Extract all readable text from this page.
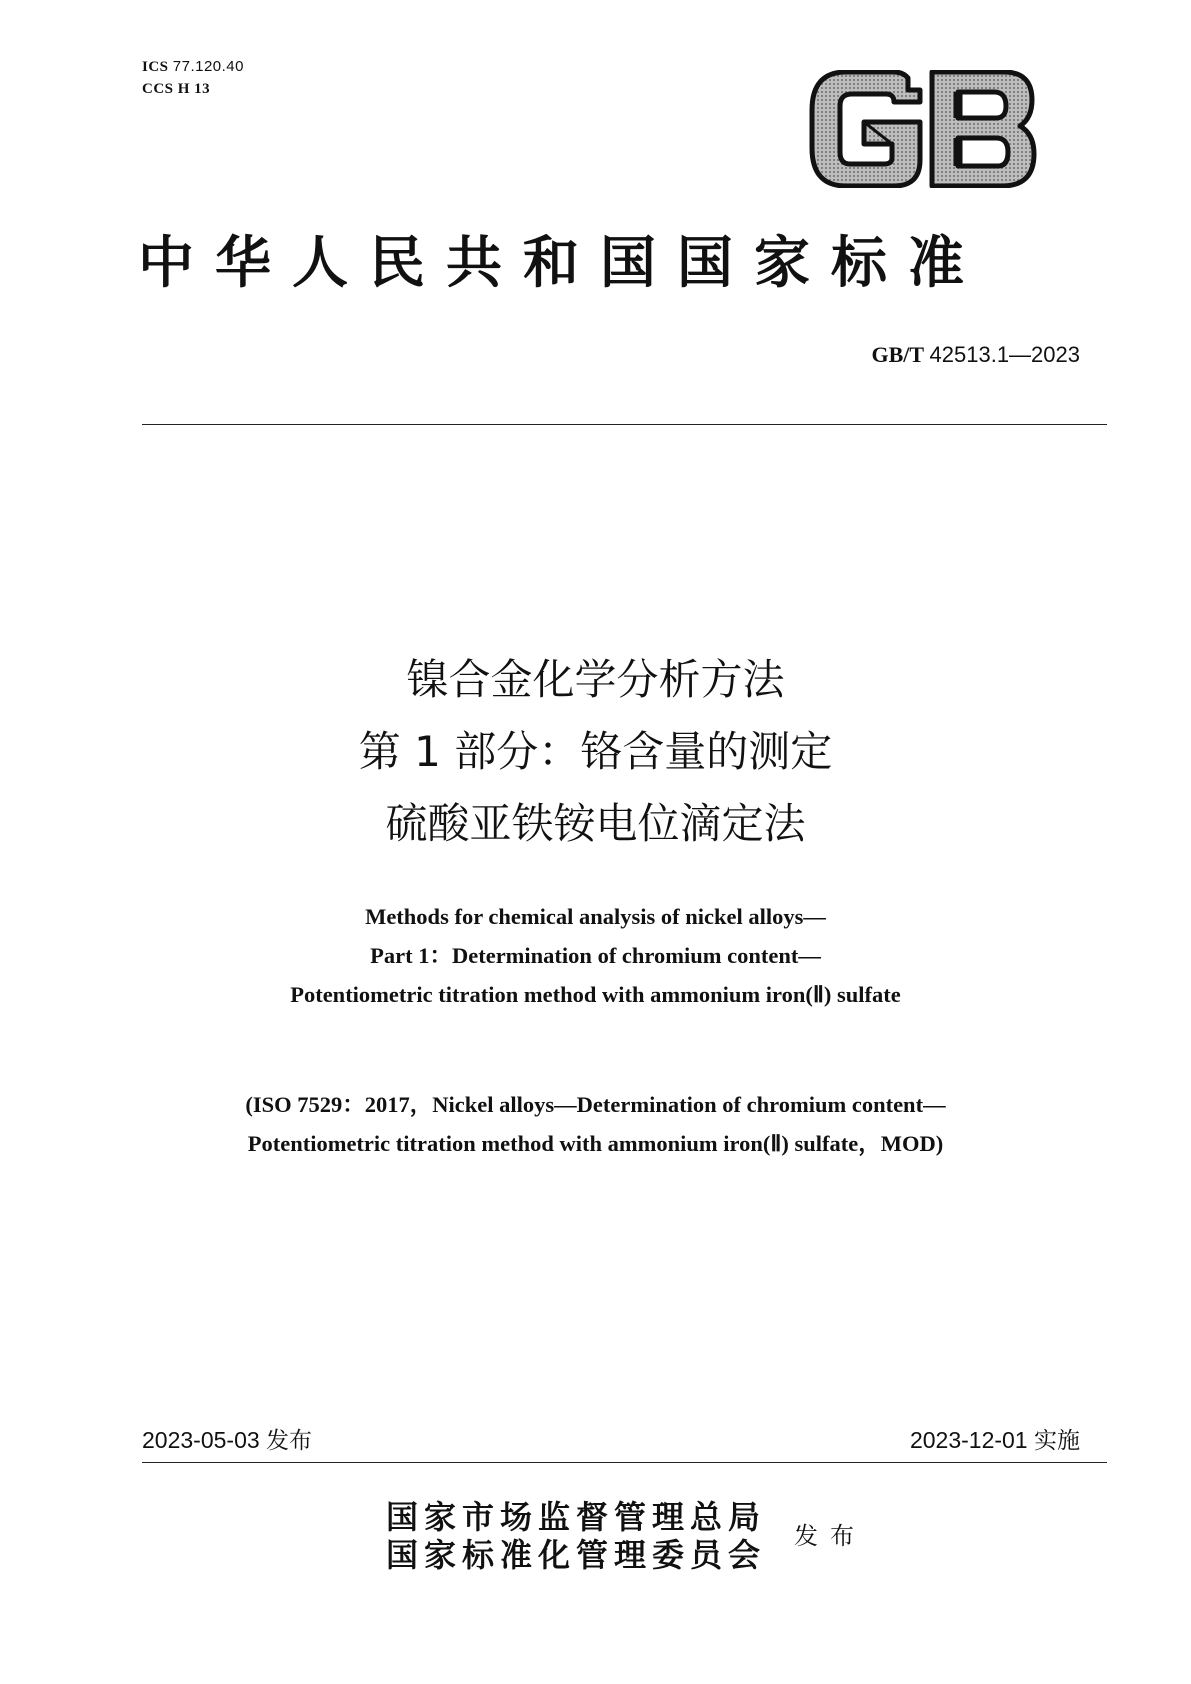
ICS 77.120.40
CCS H 13
中华人民共和国国家标准
GB/T 42513.1—2023
镍合金化学分析方法
第 1 部分：铬含量的测定
硫酸亚铁铵电位滴定法
Methods for chemical analysis of nickel alloys—
Part 1：Determination of chromium content—
Potentiometric titration method with ammonium iron(Ⅱ) sulfate
(ISO 7529：2017，Nickel alloys—Determination of chromium content—
Potentiometric titration method with ammonium iron(Ⅱ) sulfate，MOD)
2023-05-03 发布	2023-12-01 实施
国家市场监督管理总局
国家标准化管理委员会 发布
